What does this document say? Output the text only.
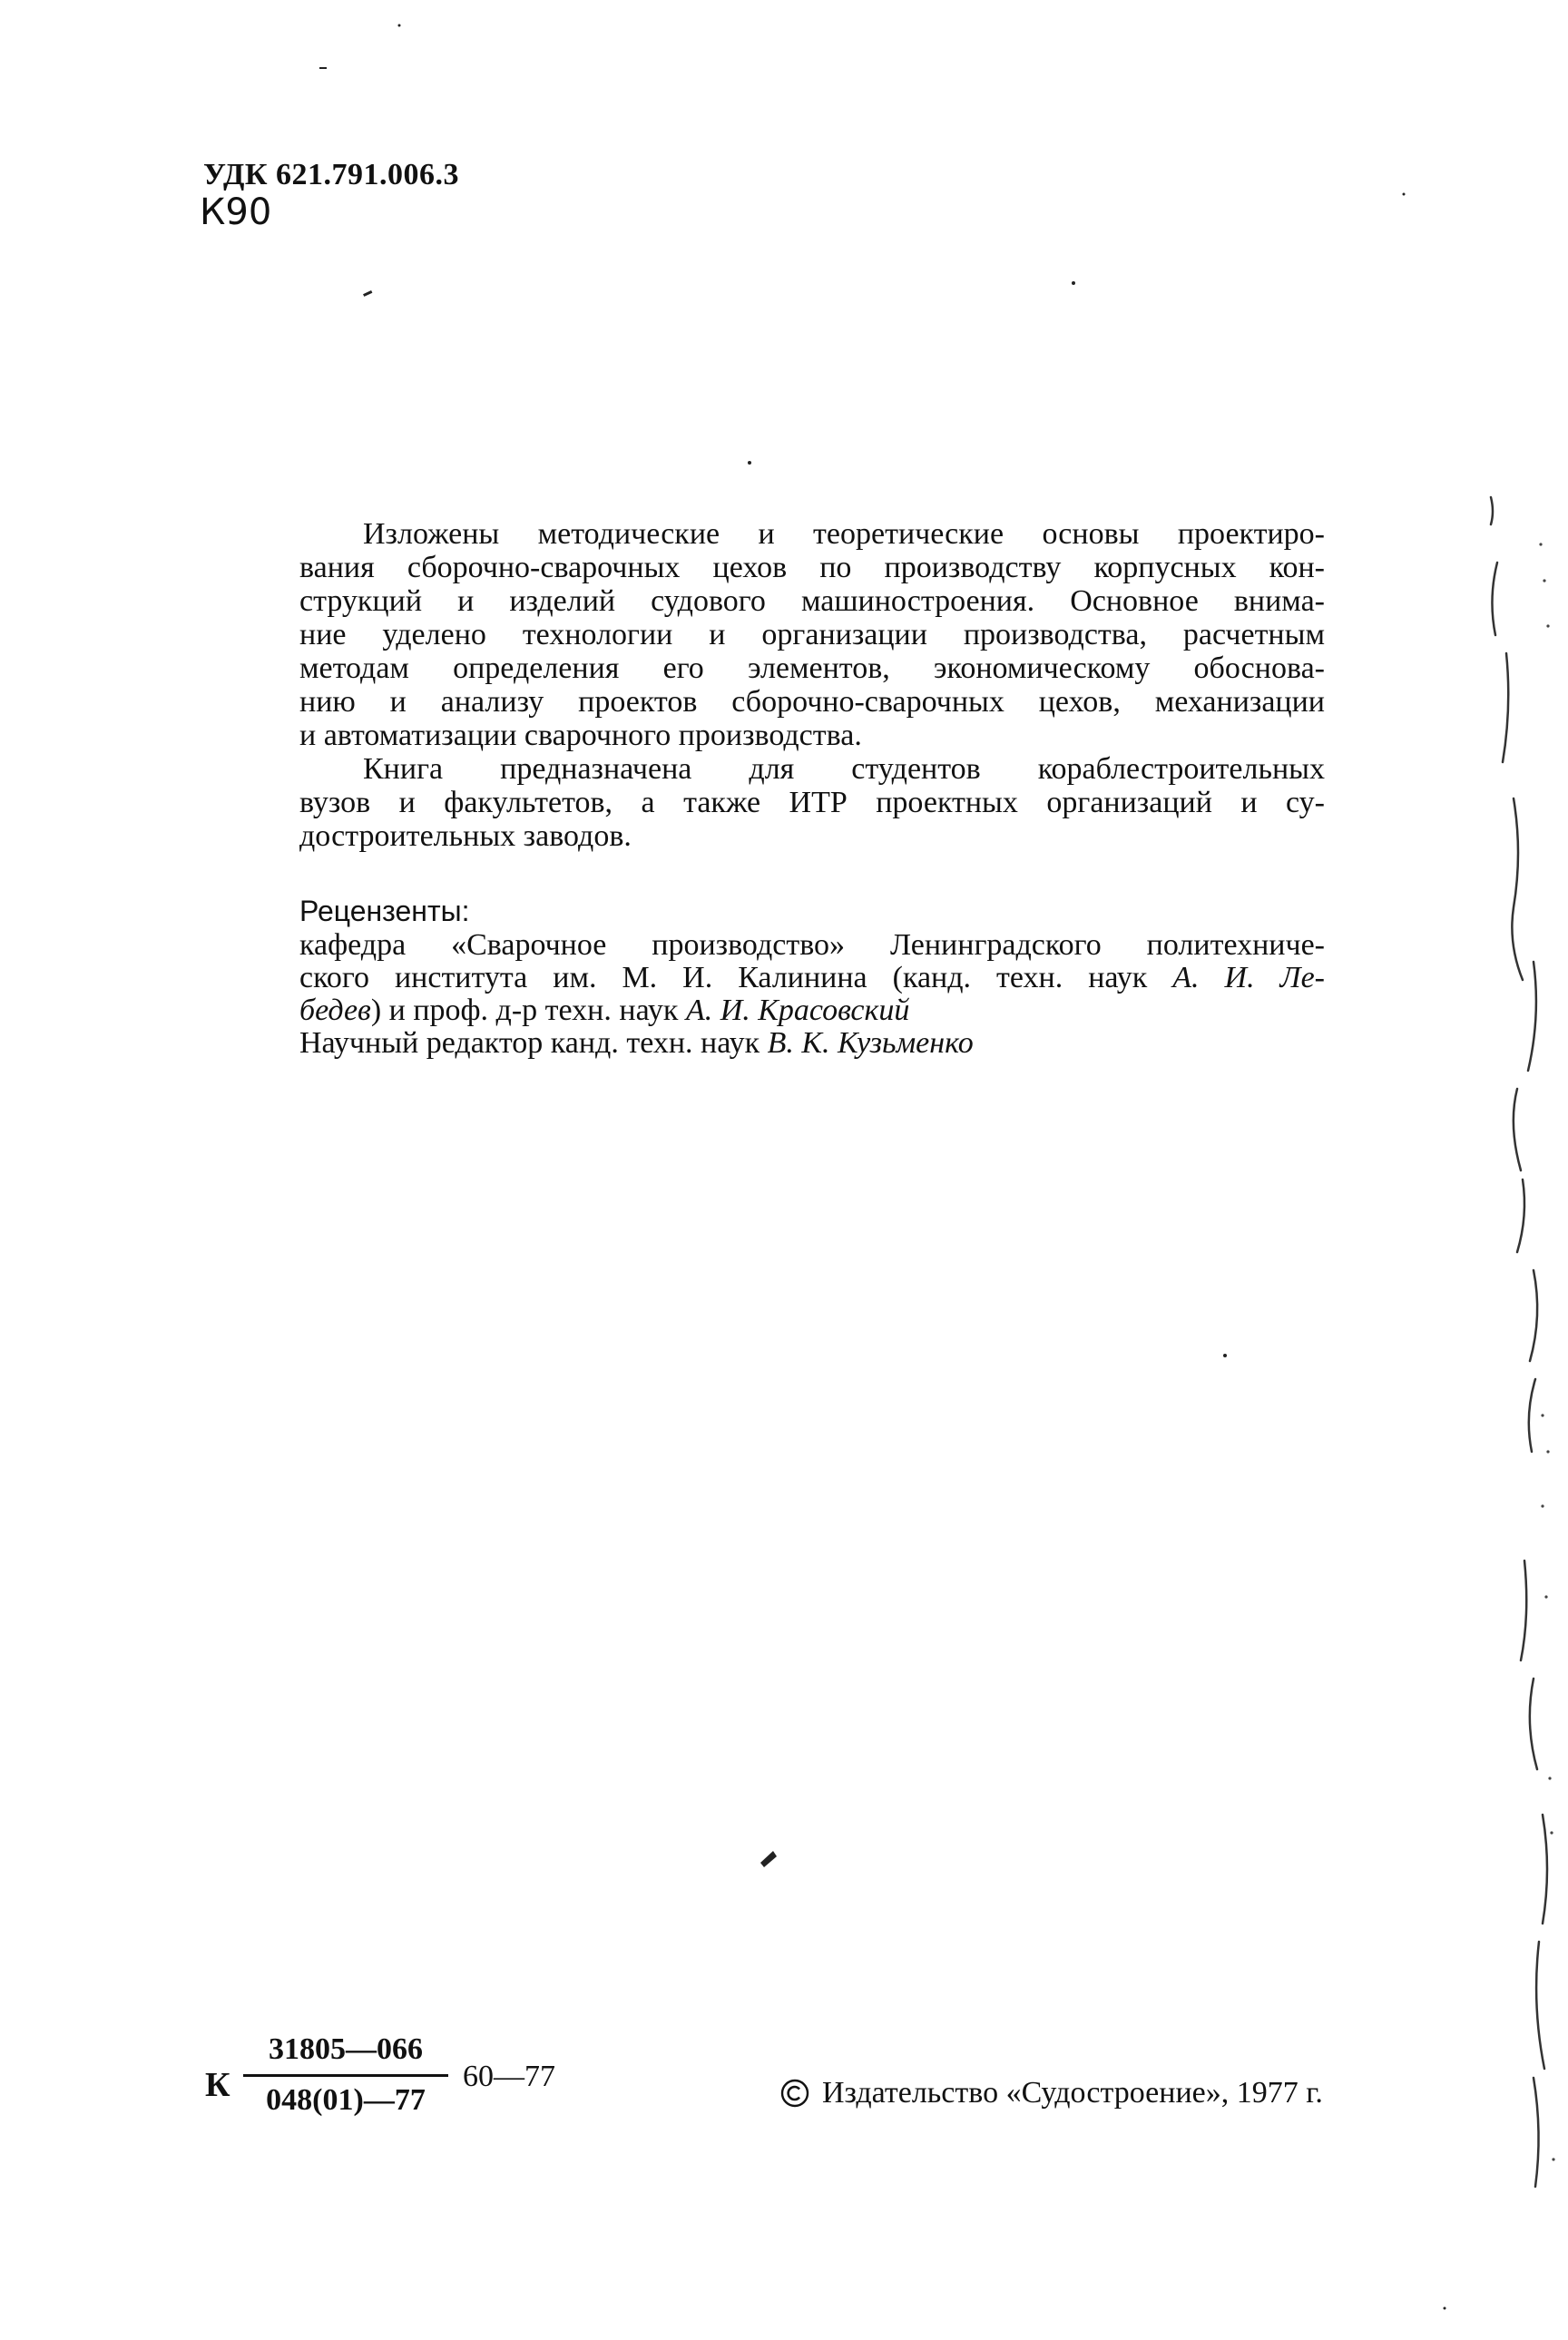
УДК 621.791.006.3
К90
Изложены методические и теоретические основы проектиро-
вания сборочно-сварочных цехов по производству корпусных кон-
струкций и изделий судового машиностроения. Основное внима-
ние уделено технологии и организации производства, расчетным
методам определения его элементов, экономическому обоснова-
нию и анализу проектов сборочно-сварочных цехов, механизации
и автоматизации сварочного производства.
Книга предназначена для студентов кораблестроительных
вузов и факультетов, а также ИТР проектных организаций и су-
достроительных заводов.
Рецензенты:
кафедра «Сварочное производство» Ленинградского политехниче-
ского института им. М. И. Калинина (канд. техн. наук А. И. Ле-
бедев) и проф. д-р техн. наук А. И. Красовский
Научный редактор канд. техн. наук В. К. Кузьменко
К
31805—066
048(01)—77
60—77	Издательство «Судостроение», 1977 г.
